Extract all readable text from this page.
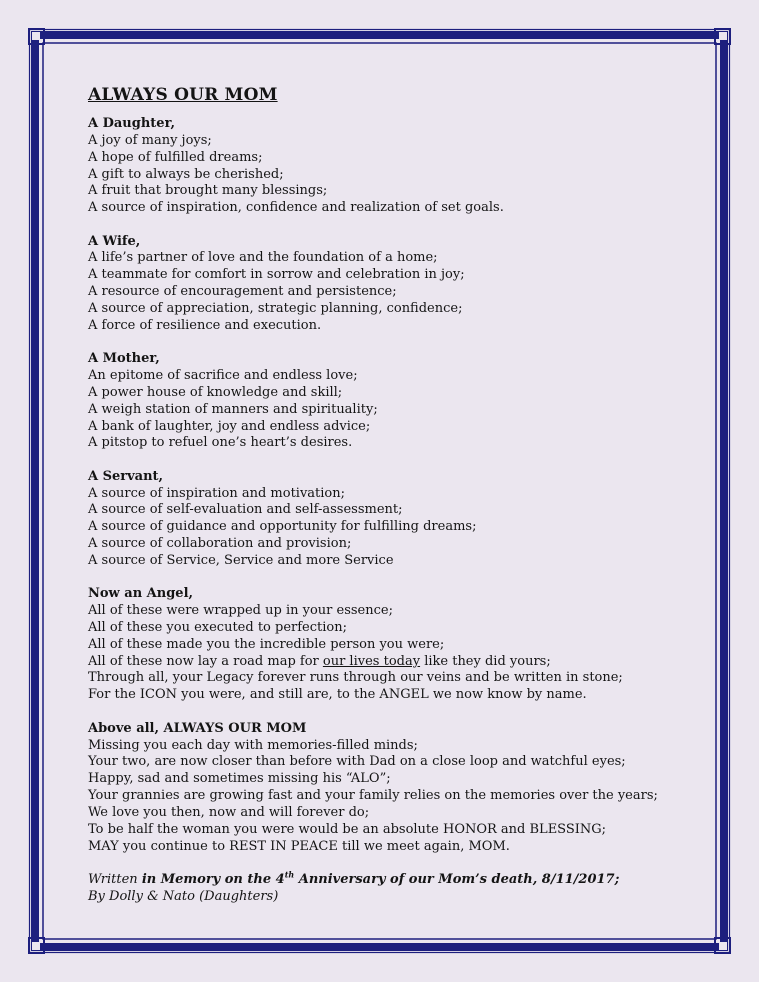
ALWAYS OUR MOM
A Daughter,
A joy of many joys;
A hope of fulfilled dreams;
A gift to always be cherished;
A fruit that brought many blessings;
A source of inspiration, confidence and realization of set goals.
A Wife,
A life’s partner of love and the foundation of a home;
A teammate for comfort in sorrow and celebration in joy;
A resource of encouragement and persistence;
A source of appreciation, strategic planning, confidence;
A force of resilience and execution.
A Mother,
An epitome of sacrifice and endless love;
A power house of knowledge and skill;
A weigh station of manners and spirituality;
A bank of laughter, joy and endless advice;
A pitstop to refuel one’s heart’s desires.
A Servant,
A source of inspiration and motivation;
A source of self-evaluation and self-assessment;
A source of guidance and opportunity for fulfilling dreams;
A source of collaboration and provision;
A source of Service, Service and more Service
Now an Angel,
All of these were wrapped up in your essence;
All of these you executed to perfection;
All of these made you the incredible person you were;
All of these now lay a road map for our lives today like they did yours;
Through all, your Legacy forever runs through our veins and be written in stone;
For the ICON you were, and still are, to the ANGEL we now know by name.
Above all, ALWAYS OUR MOM
Missing you each day with memories-filled minds;
Your two, are now closer than before with Dad on a close loop and watchful eyes;
Happy, sad and sometimes missing his “ALO”;
Your grannies are growing fast and your family relies on the memories over the years;
We love you then, now and will forever do;
To be half the woman you were would be an absolute HONOR and BLESSING;
MAY you continue to REST IN PEACE till we meet again, MOM.
Written in Memory on the 4th Anniversary of our Mom’s death, 8/11/2017;
By Dolly & Nato (Daughters)
